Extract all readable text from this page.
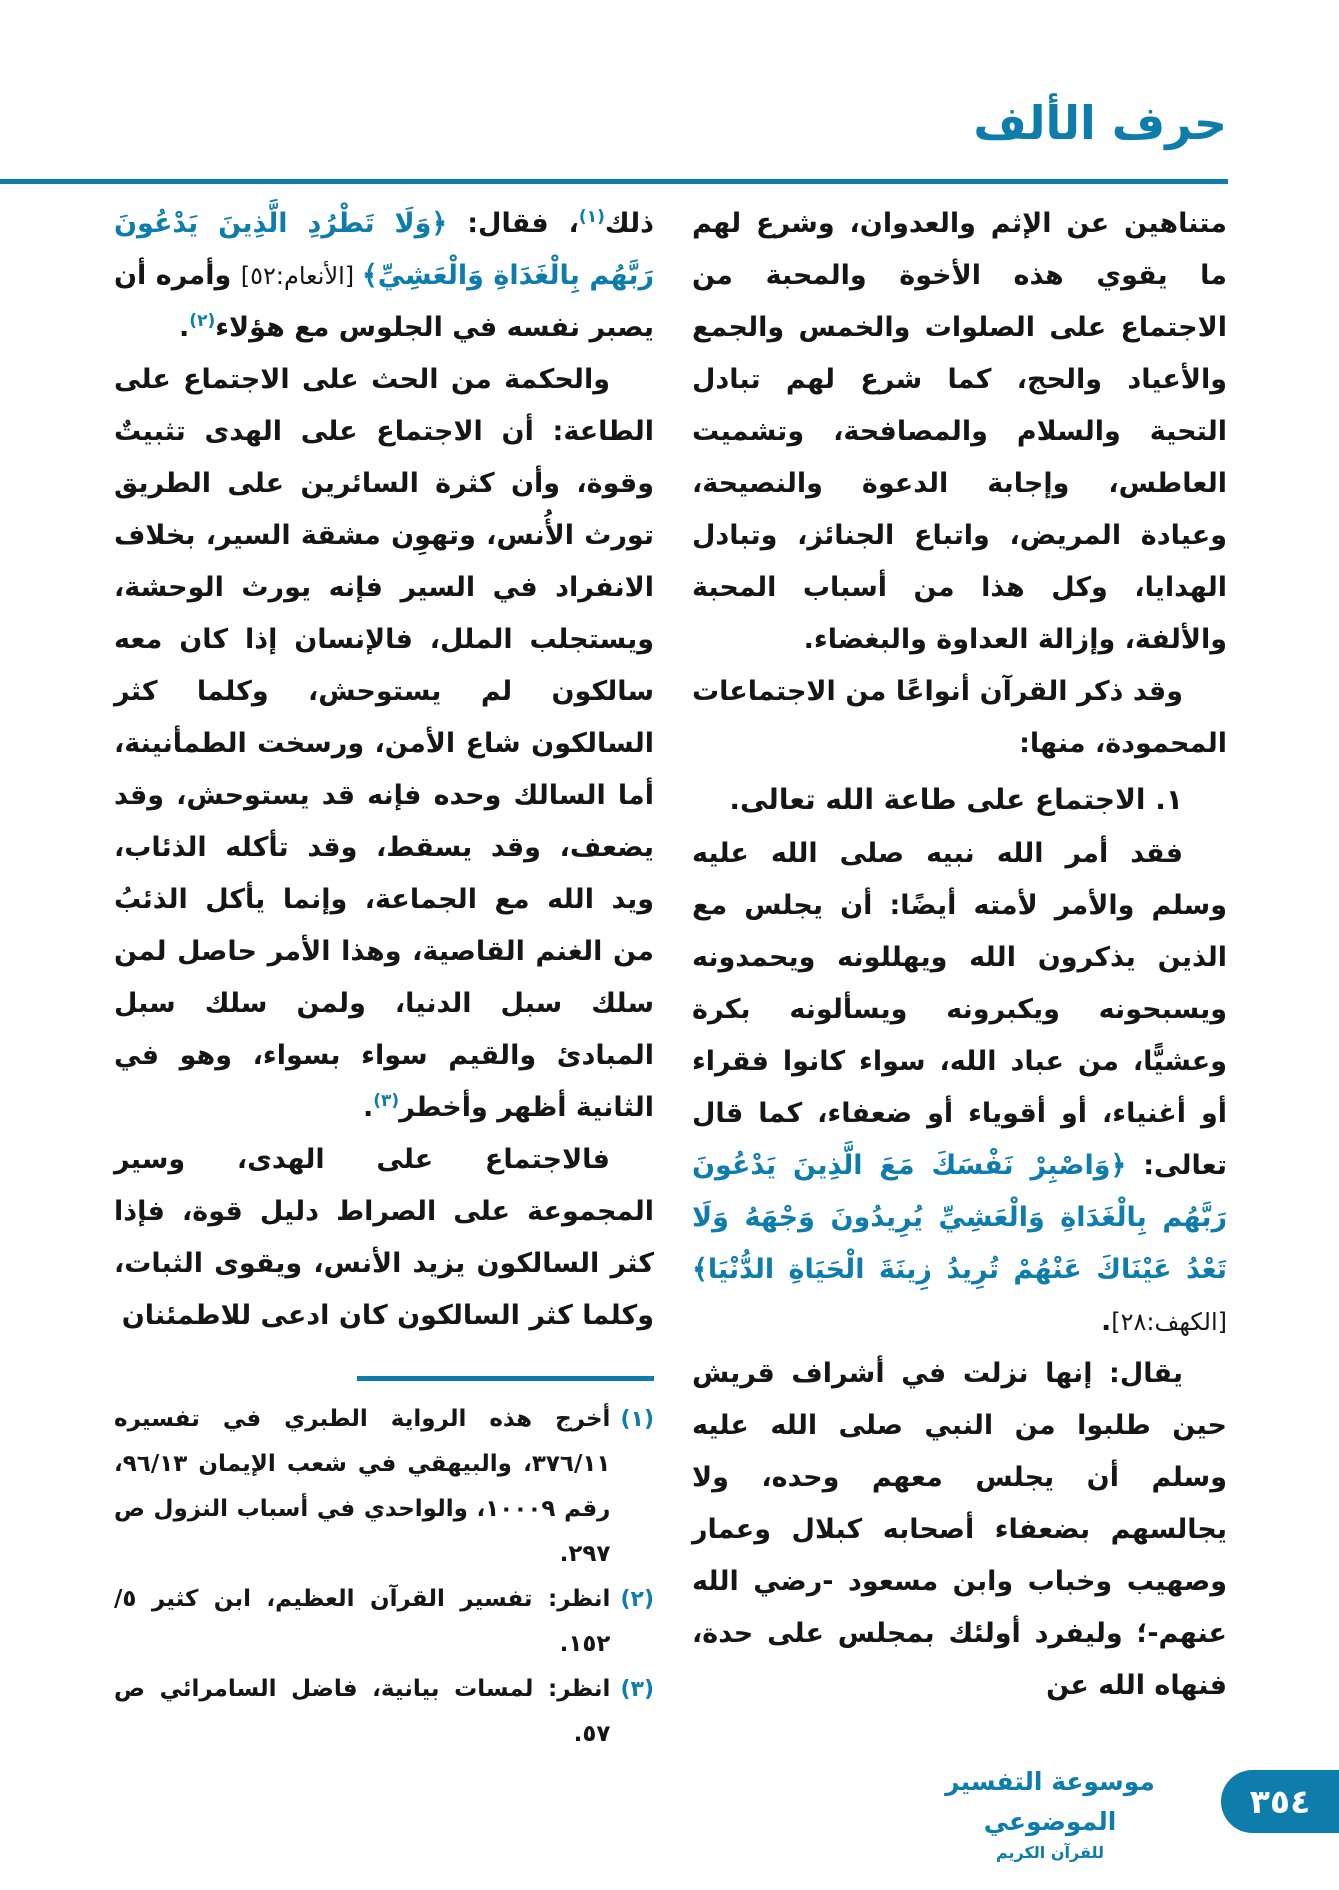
حرف الألف

متناهين عن الإثم والعدوان، وشرع لهم ما يقوي هذه الأخوة والمحبة من الاجتماع على الصلوات والخمس والجمع والأعياد والحج، كما شرع لهم تبادل التحية والسلام والمصافحة، وتشميت العاطس، وإجابة الدعوة والنصيحة، وعيادة المريض، واتباع الجنائز، وتبادل الهدايا، وكل هذا من أسباب المحبة والألفة، وإزالة العداوة والبغضاء.

وقد ذكر القرآن أنواعًا من الاجتماعات المحمودة، منها:

١. الاجتماع على طاعة الله تعالى.

فقد أمر الله نبيه صلى الله عليه وسلم والأمر لأمته أيضًا: أن يجلس مع الذين يذكرون الله ويهللونه ويحمدونه ويسبحونه ويكبرونه ويسألونه بكرة وعشيًّا، من عباد الله، سواء كانوا فقراء أو أغنياء، أو أقوياء أو ضعفاء، كما قال تعالى: ﴿وَاصْبِرْ نَفْسَكَ مَعَ الَّذِينَ يَدْعُونَ رَبَّهُم بِالْغَدَاةِ وَالْعَشِيِّ يُرِيدُونَ وَجْهَهُ وَلَا تَعْدُ عَيْنَاكَ عَنْهُمْ تُرِيدُ زِينَةَ الْحَيَاةِ الدُّنْيَا﴾ [الكهف:٢٨].

يقال: إنها نزلت في أشراف قريش حين طلبوا من النبي صلى الله عليه وسلم أن يجلس معهم وحده، ولا يجالسهم بضعفاء أصحابه كبلال وعمار وصهيب وخباب وابن مسعود -رضي الله عنهم-؛ وليفرد أولئك بمجلس على حدة، فنهاه الله عن

ذلك$^{(١)}$، فقال: ﴿وَلَا تَطْرُدِ الَّذِينَ يَدْعُونَ رَبَّهُم بِالْغَدَاةِ وَالْعَشِيِّ﴾ [الأنعام:٥٢] وأمره أن يصبر نفسه في الجلوس مع هؤلاء$^{(٢)}$.

والحكمة من الحث على الاجتماع على الطاعة: أن الاجتماع على الهدى تثبيتٌ وقوة، وأن كثرة السائرين على الطريق تورث الأُنس، وتهوِن مشقة السير، بخلاف الانفراد في السير فإنه يورث الوحشة، ويستجلب الملل، فالإنسان إذا كان معه سالكون لم يستوحش، وكلما كثر السالكون شاع الأمن، ورسخت الطمأنينة، أما السالك وحده فإنه قد يستوحش، وقد يضعف، وقد يسقط، وقد تأكله الذئاب، ويد الله مع الجماعة، وإنما يأكل الذئبُ من الغنم القاصية، وهذا الأمر حاصل لمن سلك سبل الدنيا، ولمن سلك سبل المبادئ والقيم سواء بسواء، وهو في الثانية أظهر وأخطر$^{(٣)}$.

فالاجتماع على الهدى، وسير المجموعة على الصراط دليل قوة، فإذا كثر السالكون يزيد الأنس، ويقوى الثبات، وكلما كثر السالكون كان ادعى للاطمئنان

(١)
أخرج هذه الرواية الطبري في تفسيره ٣٧٦/١١، والبيهقي في شعب الإيمان ٩٦/١٣، رقم ١٠٠٠٩، والواحدي في أسباب النزول ص ٢٩٧.
(٢)
انظر: تفسير القرآن العظيم، ابن كثير ٥/ ١٥٢.
(٣)
انظر: لمسات بيانية، فاضل السامرائي ص ٥٧.
موسوعة التفسير الموضوعي
للقرآن الكريم
٣٥٤
